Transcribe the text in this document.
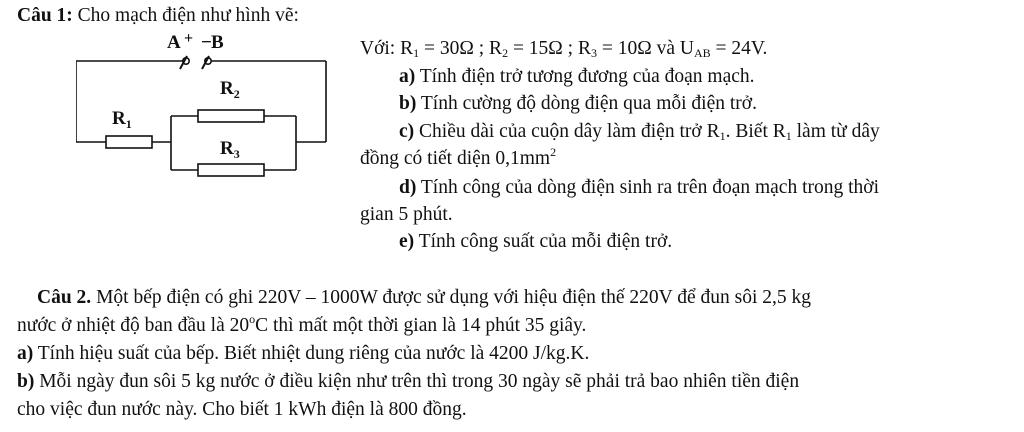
Câu 1: Cho mạch điện như hình vẽ:
A + − B
$R_1$
$R_2$
$R_3$
Với: $R_1 = 30\Omega$ ; $R_2 = 15\Omega$ ; $R_3 = 10\Omega$ và $U_{AB} = 24V$.
a) Tính điện trở tương đương của đoạn mạch.
b) Tính cường độ dòng điện qua mỗi điện trở.
c) Chiều dài của cuộn dây làm điện trở $R_1$. Biết $R_1$ làm từ dây
đồng có tiết diện $0,1mm^2$
d) Tính công của dòng điện sinh ra trên đoạn mạch trong thời
gian 5 phút.
e) Tính công suất của mỗi điện trở.
Câu 2. Một bếp điện có ghi 220V – 1000W được sử dụng với hiệu điện thế 220V để đun sôi 2,5 kg
nước ở nhiệt độ ban đầu là 20$^o$C thì mất một thời gian là 14 phút 35 giây.
a) Tính hiệu suất của bếp. Biết nhiệt dung riêng của nước là 4200 J/kg.K.
b) Mỗi ngày đun sôi 5 kg nước ở điều kiện như trên thì trong 30 ngày sẽ phải trả bao nhiên tiền điện
cho việc đun nước này. Cho biết 1 kWh điện là 800 đồng.
